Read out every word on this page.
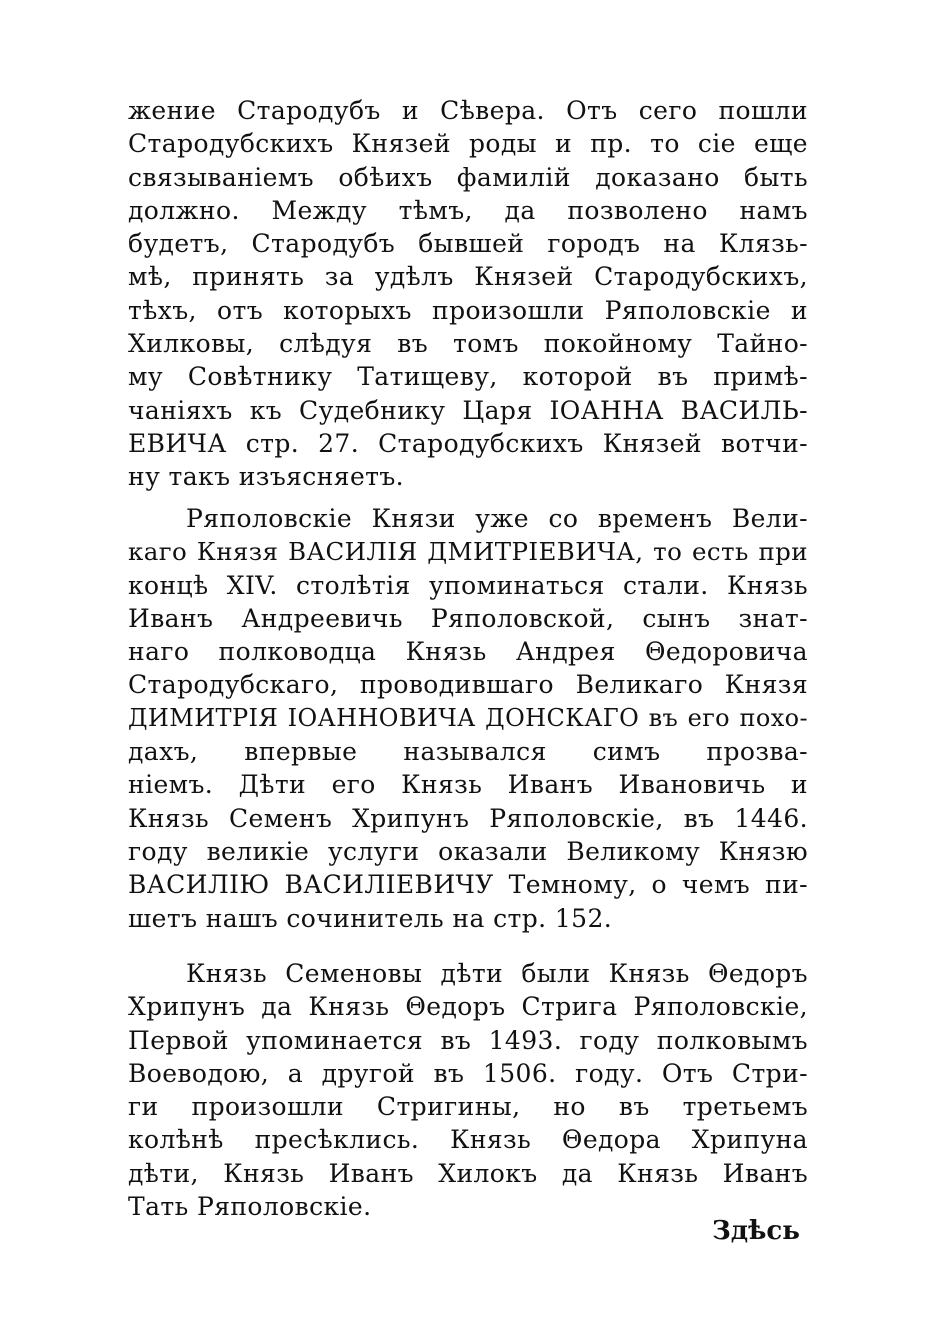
жениe Стародубъ и Сѣвера. Отъ сего пошли
Стародубскихъ Князей роды и пр. то сiе еще
связыванiемъ обѣихъ фамилiй доказано быть
должно. Между тѣмъ, да позволено намъ
будетъ, Стародубъ бывшей городъ на Клязь-
мѣ, принять за удѣлъ Князей Стародубскихъ,
тѣхъ, отъ которыхъ произошли Ряполовскiе и
Хилковы, слѣдуя въ томъ покойному Тайно-
му Совѣтнику Татищеву, которой въ примѣ-
чанiяхъ къ Судебнику Царя IОАННА ВАСИЛЬ-
ЕВИЧА стр. 27. Стародубскихъ Князей вотчи-
ну такъ изъясняетъ.
Ряполовскiе Князи уже со временъ Вели-
каго Князя ВАСИЛIЯ ДМИТРIЕВИЧА, то есть при
концѣ XIV. столѣтiя упоминаться стали. Князь
Иванъ Андреевичь Ряполовской, сынъ знат-
наго полководца Князь Андрея Θедоровича
Стародубскаго, проводившаго Великаго Князя
ДИМИТРIЯ IОАННОВИЧА ДОНСКАГО въ его похо-
дахъ, впервые назывался симъ прозва-
нiемъ. Дѣти его Князь Иванъ Ивановичь и
Князь Семенъ Хрипунъ Ряполовскiе, въ 1446.
году великiе услуги оказали Великому Князю
ВАСИЛIЮ ВАСИЛIЕВИЧУ Темному, о чемъ пи-
шетъ нашъ сочинитель на стр. 152.
Князь Семеновы дѣти были Князь Θедоръ
Хрипунъ да Князь Θедоръ Стрига Ряполовскiе,
Первой упоминается въ 1493. году полковымъ
Воеводою, а другой въ 1506. году. Отъ Стри-
ги произошли Стригины, но въ третьемъ
колѣнѣ пресѣклись. Князь Θедора Хрипуна
дѣти, Князь Иванъ Хилокъ да Князь Иванъ
Тать Ряполовскiе.
Здѣсь
